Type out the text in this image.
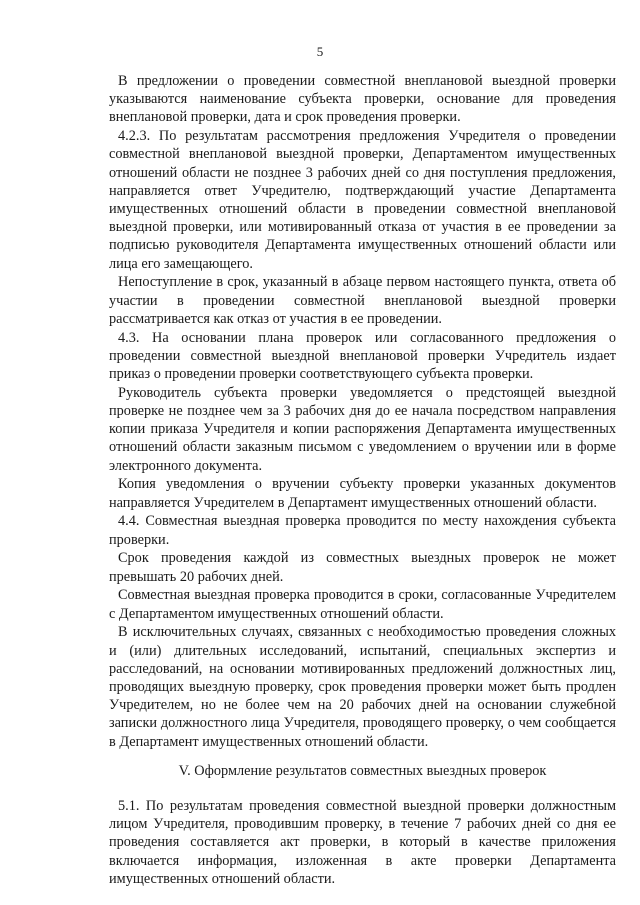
5

В предложении о проведении совместной внеплановой выездной проверки указываются наименование субъекта проверки, основание для проведения внеплановой проверки, дата и срок проведения проверки.

4.2.3. По результатам рассмотрения предложения Учредителя о проведении совместной внеплановой выездной проверки, Департаментом имущественных отношений области не позднее 3 рабочих дней со дня поступления предложения, направляется ответ Учредителю, подтверждающий участие Департамента имущественных отношений области в проведении совместной внеплановой выездной проверки, или мотивированный отказа от участия в ее проведении за подписью руководителя Департамента имущественных отношений области или лица его замещающего.

Непоступление в срок, указанный в абзаце первом настоящего пункта, ответа об участии в проведении совместной внеплановой выездной проверки рассматривается как отказ от участия в ее проведении.

4.3. На основании плана проверок или согласованного предложения о проведении совместной выездной внеплановой проверки Учредитель издает приказ о проведении проверки соответствующего субъекта проверки.

Руководитель субъекта проверки уведомляется о предстоящей выездной проверке не позднее чем за 3 рабочих дня до ее начала посредством направления копии приказа Учредителя и копии распоряжения Департамента имущественных отношений области заказным письмом с уведомлением о вручении или в форме электронного документа.

Копия уведомления о вручении субъекту проверки указанных документов направляется Учредителем в Департамент имущественных отношений области.

4.4. Совместная выездная проверка проводится по месту нахождения субъекта проверки.

Срок проведения каждой из совместных выездных проверок не может превышать 20 рабочих дней.

Совместная выездная проверка проводится в сроки, согласованные Учредителем с Департаментом имущественных отношений области.

В исключительных случаях, связанных с необходимостью проведения сложных и (или) длительных исследований, испытаний, специальных экспертиз и расследований, на основании мотивированных предложений должностных лиц, проводящих выездную проверку, срок проведения проверки может быть продлен Учредителем, но не более чем на 20 рабочих дней на основании служебной записки должностного лица Учредителя, проводящего проверку, о чем сообщается в Департамент имущественных отношений области.

V. Оформление результатов совместных выездных проверок

5.1. По результатам проведения совместной выездной проверки должностным лицом Учредителя, проводившим проверку, в течение 7 рабочих дней со дня ее проведения составляется акт проверки, в который в качестве приложения включается информация, изложенная в акте проверки Департамента имущественных отношений области.
